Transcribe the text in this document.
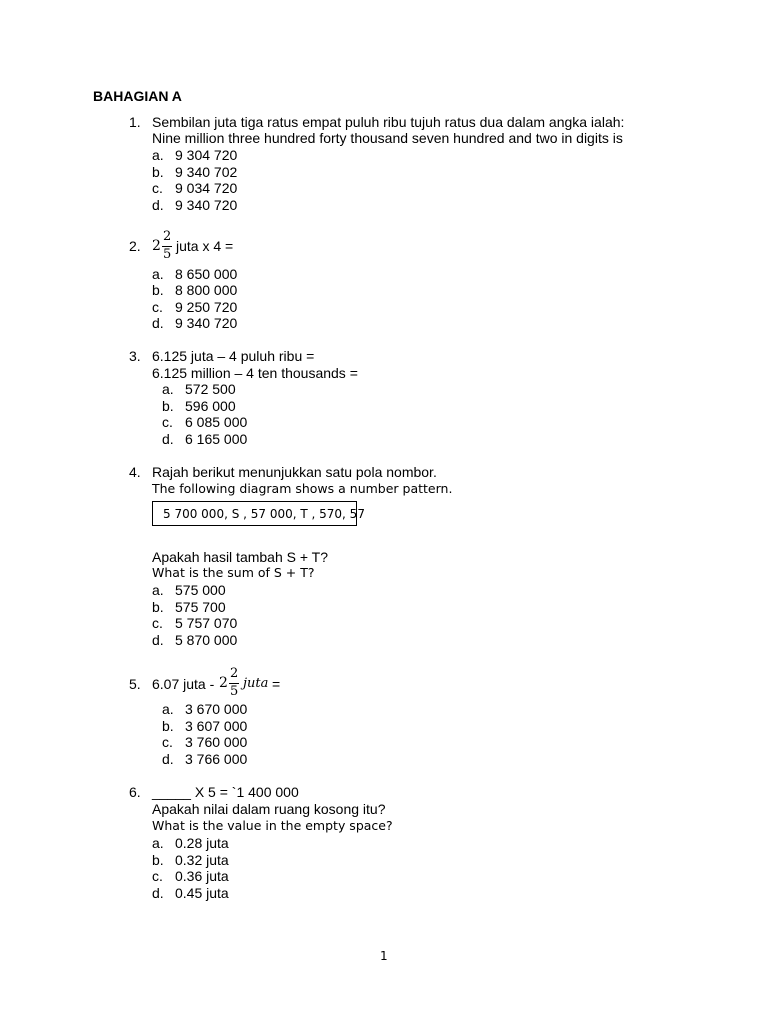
BAHAGIAN A
1. Sembilan juta tiga ratus empat puluh ribu tujuh ratus dua dalam angka ialah:
Nine million three hundred forty thousand seven hundred and two in digits is
a. 9 304 720
b. 9 340 702
c. 9 034 720
d. 9 340 720
2. 2
2
5
juta x 4 =
a. 8 650 000
b. 8 800 000
c. 9 250 720
d. 9 340 720
3. 6.125 juta – 4 puluh ribu =
6.125 million – 4 ten thousands =
a. 572 500
b. 596 000
c. 6 085 000
d. 6 165 000
4. Rajah berikut menunjukkan satu pola nombor.
The following diagram shows a number pattern.
5 700 000, S , 57 000, T , 570, 57
Apakah hasil tambah S + T?
What is the sum of S + T?
a. 575 000
b. 575 700
c. 5 757 070
d. 5 870 000
5. 6.07 juta - 2
2
5
juta =
a. 3 670 000
b. 3 607 000
c. 3 760 000
d. 3 766 000
6. _____ X 5 = `1 400 000
Apakah nilai dalam ruang kosong itu?
What is the value in the empty space?
a. 0.28 juta
b. 0.32 juta
c. 0.36 juta
d. 0.45 juta
1
